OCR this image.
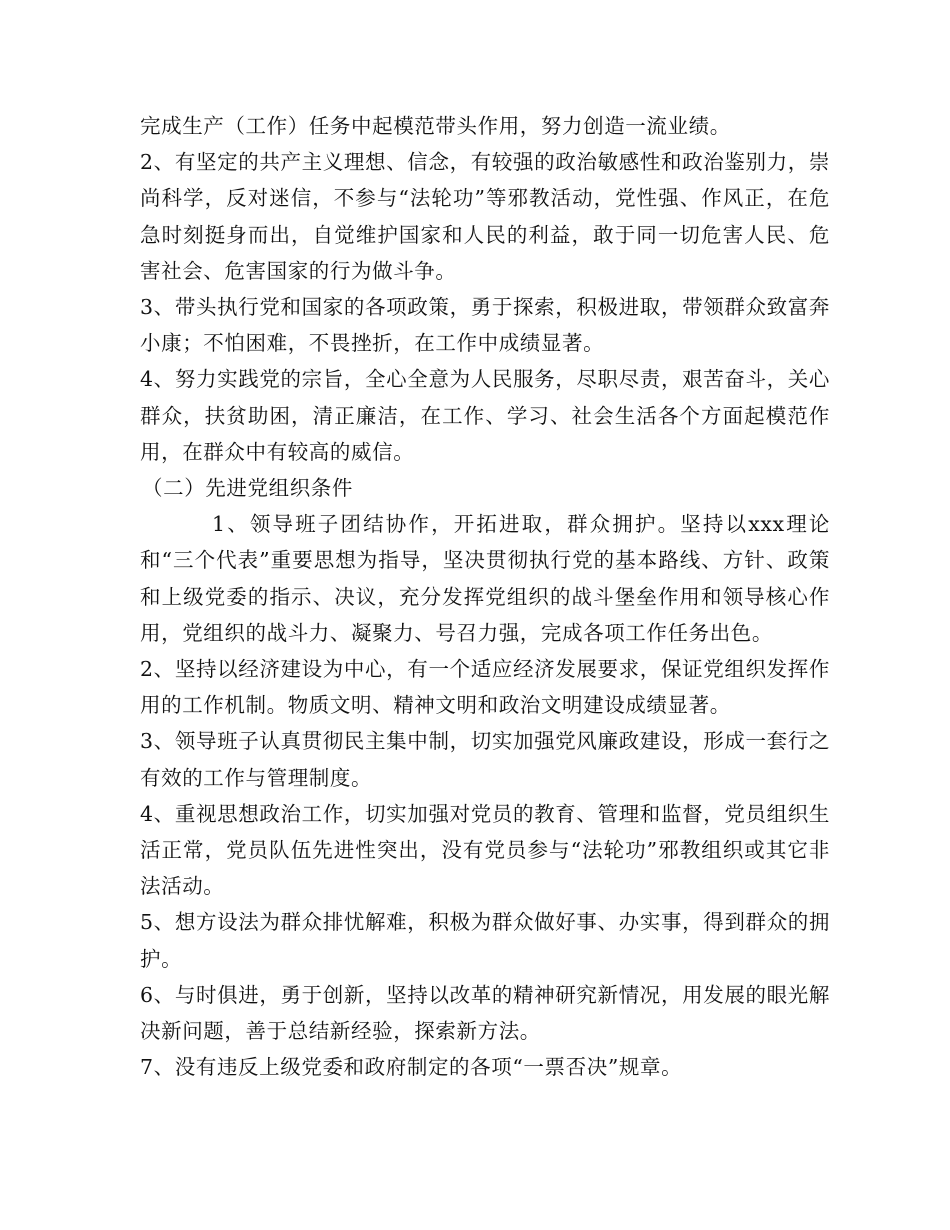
完成生产（工作）任务中起模范带头作用，努力创造一流业绩。

2、有坚定的共产主义理想、信念，有较强的政治敏感性和政治鉴别力，崇尚科学，反对迷信，不参与“法轮功”等邪教活动，党性强、作风正，在危急时刻挺身而出，自觉维护国家和人民的利益，敢于同一切危害人民、危害社会、危害国家的行为做斗争。

3、带头执行党和国家的各项政策，勇于探索，积极进取，带领群众致富奔小康；不怕困难，不畏挫折，在工作中成绩显著。

4、努力实践党的宗旨，全心全意为人民服务，尽职尽责，艰苦奋斗，关心群众，扶贫助困，清正廉洁，在工作、学习、社会生活各个方面起模范作用，在群众中有较高的威信。

（二）先进党组织条件

1、领导班子团结协作，开拓进取，群众拥护。坚持以xxx理论和“三个代表”重要思想为指导，坚决贯彻执行党的基本路线、方针、政策和上级党委的指示、决议，充分发挥党组织的战斗堡垒作用和领导核心作用，党组织的战斗力、凝聚力、号召力强，完成各项工作任务出色。

2、坚持以经济建设为中心，有一个适应经济发展要求，保证党组织发挥作用的工作机制。物质文明、精神文明和政治文明建设成绩显著。

3、领导班子认真贯彻民主集中制，切实加强党风廉政建设，形成一套行之有效的工作与管理制度。

4、重视思想政治工作，切实加强对党员的教育、管理和监督，党员组织生活正常，党员队伍先进性突出，没有党员参与“法轮功”邪教组织或其它非法活动。

5、想方设法为群众排忧解难，积极为群众做好事、办实事，得到群众的拥护。

6、与时俱进，勇于创新，坚持以改革的精神研究新情况，用发展的眼光解决新问题，善于总结新经验，探索新方法。

7、没有违反上级党委和政府制定的各项“一票否决”规章。
